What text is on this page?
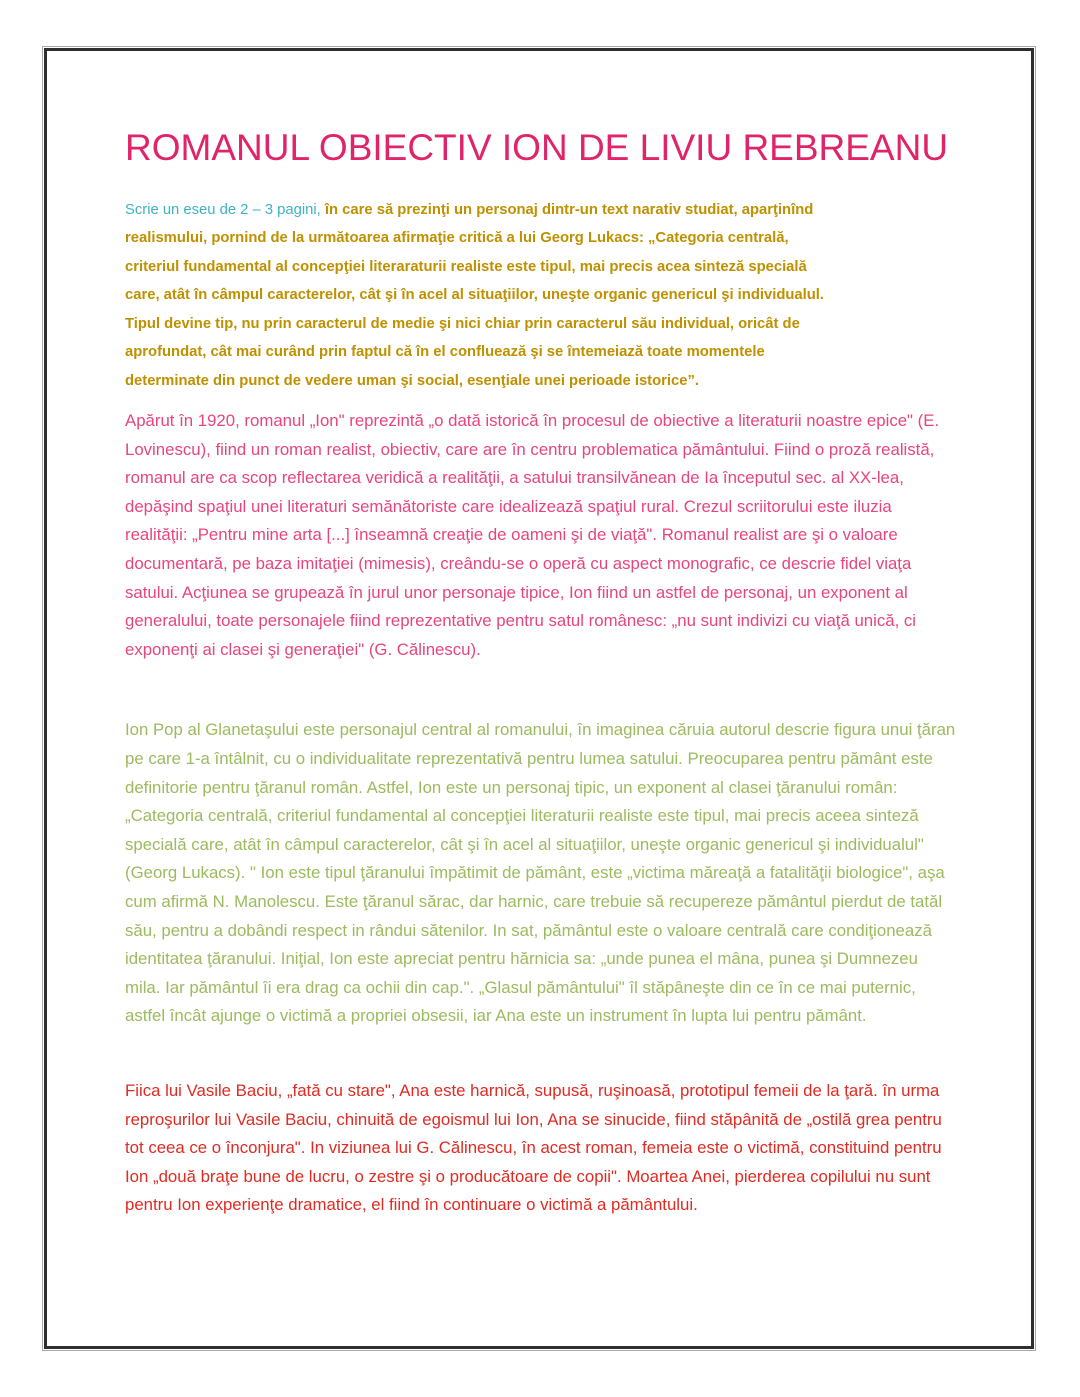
ROMANUL OBIECTIV ION DE LIVIU REBREANU

Scrie un eseu de 2 – 3 pagini, în care să prezinţi un personaj dintr-un text narativ studiat, aparţinînd realismului, pornind de la următoarea afirmaţie critică a lui Georg Lukacs: „Categoria centrală, criteriul fundamental al concepţiei literaraturii realiste este tipul, mai precis acea sinteză specială care, atât în câmpul caracterelor, cât şi în acel al situaţiilor, uneşte organic genericul şi individualul. Tipul devine tip, nu prin caracterul de medie şi nici chiar prin caracterul său individual, oricât de aprofundat, cât mai curând prin faptul că în el confluează şi se întemeiază toate momentele determinate din punct de vedere uman şi social, esenţiale unei perioade istorice”.

Apărut în 1920, romanul „Ion" reprezintă „o dată istorică în procesul de obiective a literaturii noastre epice" (E. Lovinescu), fiind un roman realist, obiectiv, care are în centru problematica pământului. Fiind o proză realistă, romanul are ca scop reflectarea veridică a realităţii, a satului transilvănean de Ia începutul sec. al XX-lea, depăşind spaţiul unei literaturi semănătoriste care idealizează spaţiul rural. Crezul scriitorului este iluzia realităţii: „Pentru mine arta [...] înseamnă creaţie de oameni şi de viaţă". Romanul realist are şi o valoare documentară, pe baza imitaţiei (mimesis), creându-se o operă cu aspect monografic, ce descrie fidel viaţa satului. Acţiunea se grupează în jurul unor personaje tipice, Ion fiind un astfel de personaj, un exponent al generalului, toate personajele fiind reprezentative pentru satul românesc: „nu sunt indivizi cu viaţă unică, ci exponenţi ai clasei şi generaţiei" (G. Călinescu).

Ion Pop al Glanetaşului este personajul central al romanului, în imaginea căruia autorul descrie figura unui ţăran pe care 1-a întâlnit, cu o individualitate reprezentativă pentru lumea satului. Preocuparea pentru pământ este definitorie pentru ţăranul român. Astfel, Ion este un personaj tipic, un exponent al clasei ţăranului român: „Categoria centrală, criteriul fundamental al concepţiei literaturii realiste este tipul, mai precis aceea sinteză specială care, atât în câmpul caracterelor, cât şi în acel al situaţiilor, uneşte organic genericul şi individualul" (Georg Lukacs). " Ion este tipul ţăranului împătimit de pământ, este „victima măreaţă a fatalităţii biologice", aşa cum afirmă N. Manolescu. Este ţăranul sărac, dar harnic, care trebuie să recupereze pământul pierdut de tatăl său, pentru a dobândi respect in rândui sătenilor. In sat, pământul este o valoare centrală care condiţionează identitatea ţăranului. Iniţial, Ion este apreciat pentru hărnicia sa: „unde punea el mâna, punea şi Dumnezeu mila. Iar pământul îi era drag ca ochii din cap.". „Glasul pământului" îl stăpâneşte din ce în ce mai puternic, astfel încât ajunge o victimă a propriei obsesii, iar Ana este un instrument în lupta lui pentru pământ.

Fiica lui Vasile Baciu, „fată cu stare", Ana este harnică, supusă, ruşinoasă, prototipul femeii de la ţară. în urma reproşurilor lui Vasile Baciu, chinuită de egoismul lui Ion, Ana se sinucide, fiind stăpânită de „ostilă grea pentru tot ceea ce o înconjura". In viziunea lui G. Călinescu, în acest roman, femeia este o victimă, constituind pentru Ion „două braţe bune de lucru, o zestre şi o producătoare de copii". Moartea Anei, pierderea copilului nu sunt pentru Ion experienţe dramatice, el fiind în continuare o victimă a pământului.
